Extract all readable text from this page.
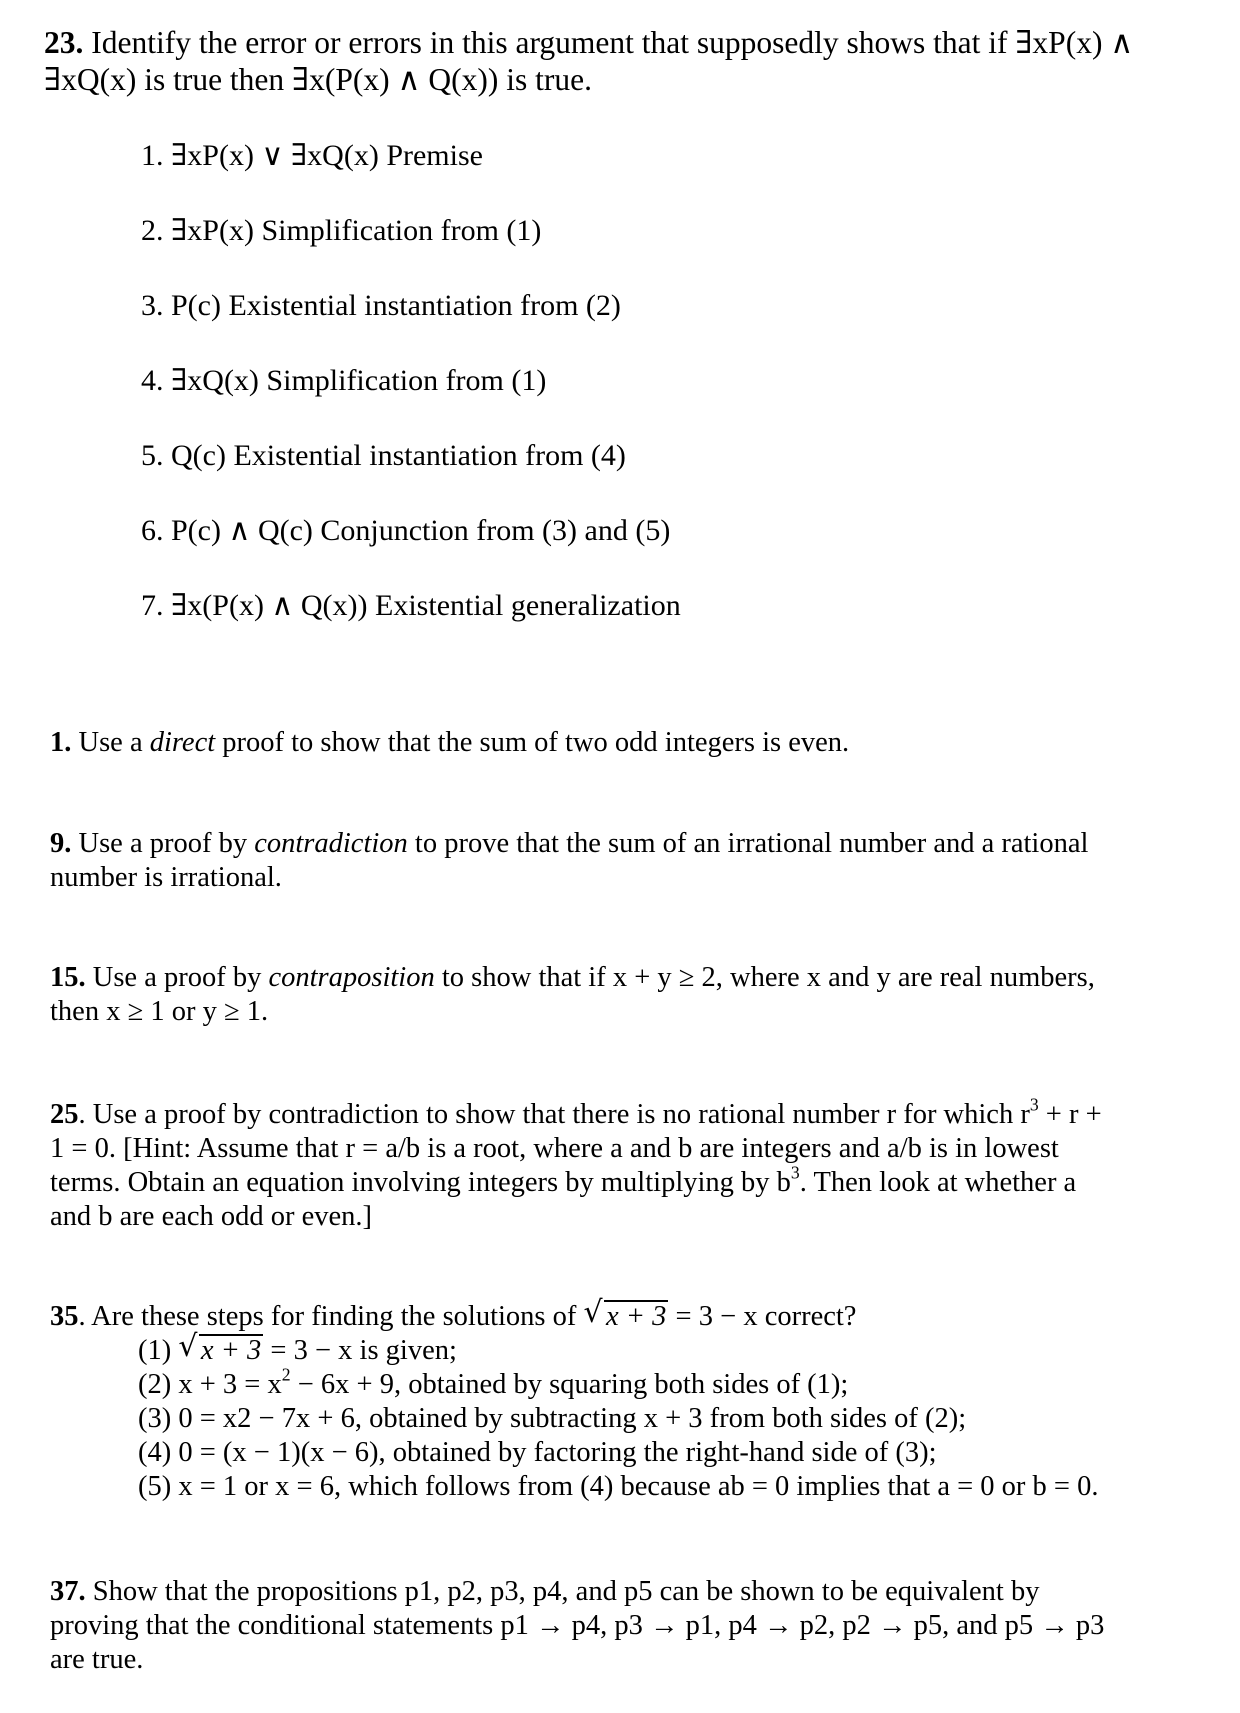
23. Identify the error or errors in this argument that supposedly shows that if ∃xP(x) ∧

∃xQ(x) is true then ∃x(P(x) ∧ Q(x)) is true.

1. ∃xP(x) ∨ ∃xQ(x) Premise
2. ∃xP(x) Simplification from (1)
3. P(c) Existential instantiation from (2)
4. ∃xQ(x) Simplification from (1)
5. Q(c) Existential instantiation from (4)
6. P(c) ∧ Q(c) Conjunction from (3) and (5)
7. ∃x(P(x) ∧ Q(x)) Existential generalization

1. Use a direct proof to show that the sum of two odd integers is even.

9. Use a proof by contradiction to prove that the sum of an irrational number and a rational

number is irrational.

15. Use a proof by contraposition to show that if x + y ≥ 2, where x and y are real numbers,

then x ≥ 1 or y ≥ 1.

25. Use a proof by contradiction to show that there is no rational number r for which $r^3 + r$ +

1 = 0. [Hint: Assume that r = a/b is a root, where a and b are integers and a/b is in lowest

terms. Obtain an equation involving integers by multiplying by $b^3$. Then look at whether a

and b are each odd or even.]

35. Are these steps for finding the solutions of √ x + 3 = 3 − x correct?

(1) √ x + 3 = 3 − x is given;
(2) $x + 3 = x^2 - 6x + 9$, obtained by squaring both sides of (1);
(3) 0 = x2 − 7x + 6, obtained by subtracting x + 3 from both sides of (2);
(4) 0 = (x − 1)(x − 6), obtained by factoring the right-hand side of (3);
(5) x = 1 or x = 6, which follows from (4) because ab = 0 implies that a = 0 or b = 0.

37. Show that the propositions p1, p2, p3, p4, and p5 can be shown to be equivalent by

proving that the conditional statements p1 → p4, p3 → p1, p4 → p2, p2 → p5, and p5 → p3

are true.
